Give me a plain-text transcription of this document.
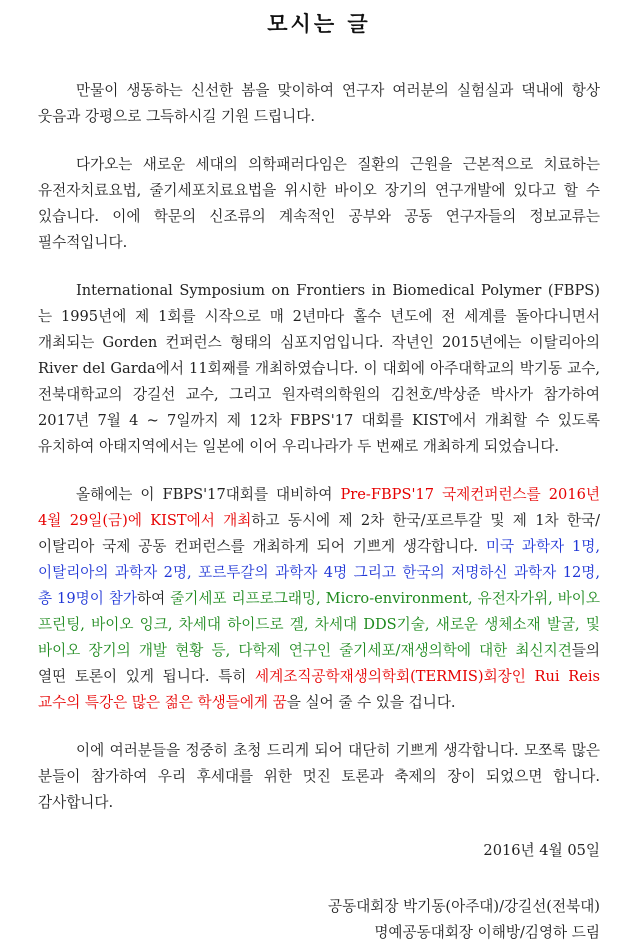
모시는 글

만물이 생동하는 신선한 봄을 맞이하여 연구자 여러분의 실험실과 댁내에 항상 웃음과 강평으로 그득하시길 기원 드립니다.

다가오는 새로운 세대의 의학패러다임은 질환의 근원을 근본적으로 치료하는 유전자치료요법, 줄기세포치료요법을 위시한 바이오 장기의 연구개발에 있다고 할 수 있습니다. 이에 학문의 신조류의 계속적인 공부와 공동 연구자들의 정보교류는 필수적입니다.

International Symposium on Frontiers in Biomedical Polymer (FBPS)는 1995년에 제 1회를 시작으로 매 2년마다 홀수 년도에 전 세계를 돌아다니면서 개최되는 Gorden 컨퍼런스 형태의 심포지엄입니다. 작년인 2015년에는 이탈리아의 River del Garda에서 11회째를 개최하였습니다. 이 대회에 아주대학교의 박기동 교수, 전북대학교의 강길선 교수, 그리고 원자력의학원의 김천호/박상준 박사가 참가하여 2017년 7월 4 ~ 7일까지 제 12차 FBPS'17 대회를 KIST에서 개최할 수 있도록 유치하여 아태지역에서는 일본에 이어 우리나라가 두 번째로 개최하게 되었습니다.

올해에는 이 FBPS'17대회를 대비하여 Pre-FBPS'17 국제컨퍼런스를 2016년 4월 29일(금)에 KIST에서 개최하고 동시에 제 2차 한국/포르투갈 및 제 1차 한국/이탈리아 국제 공동 컨퍼런스를 개최하게 되어 기쁘게 생각합니다. 미국 과학자 1명, 이탈리아의 과학자 2명, 포르투갈의 과학자 4명 그리고 한국의 저명하신 과학자 12명, 총 19명이 참가하여 줄기세포 리프로그래밍, Micro-environment, 유전자가위, 바이오 프린팅, 바이오 잉크, 차세대 하이드로 겔, 차세대 DDS기술, 새로운 생체소재 발굴, 및 바이오 장기의 개발 현황 등, 다학제 연구인 줄기세포/재생의학에 대한 최신지견들의 열띤 토론이 있게 됩니다. 특히 세계조직공학재생의학회(TERMIS)회장인 Rui Reis 교수의 특강은 많은 젊은 학생들에게 꿈을 실어 줄 수 있을 겁니다.

이에 여러분들을 정중히 초청 드리게 되어 대단히 기쁘게 생각합니다. 모쪼록 많은 분들이 참가하여 우리 후세대를 위한 멋진 토론과 축제의 장이 되었으면 합니다. 감사합니다.

2016년 4월 05일

공동대회장 박기동(아주대)/강길선(전북대)
명예공동대회장 이해방/김영하 드림
